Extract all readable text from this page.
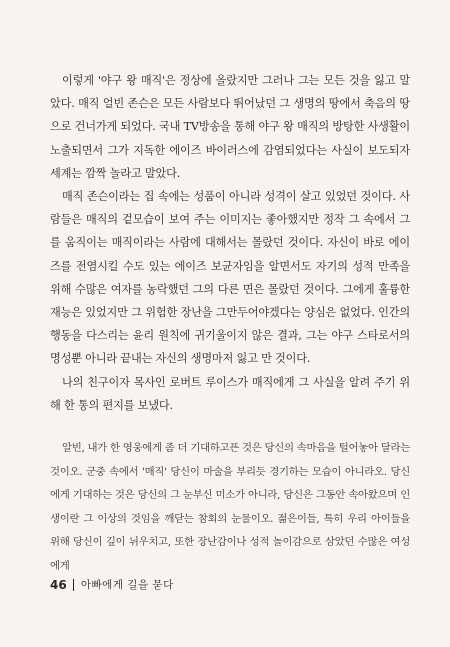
이렇게 '야구 왕 매직'은 정상에 올랐지만 그러나 그는 모든 것을 잃고 말았다. 매직 얼빈 존슨은 모든 사람보다 뛰어났던 그 생명의 땅에서 축음의 땅으로 건너가게 되었다. 국내 TV방송을 통해 야구 왕 매직의 방탕한 사생활이 노출되면서 그가 지독한 에이즈 바이러스에 감염되었다는 사실이 보도되자 세계는 깜짝 놀라고 말았다.

매직 존슨이라는 집 속에는 성품이 아니라 성격이 살고 있었던 것이다. 사람들은 매직의 겉모습이 보여 주는 이미지는 좋아했지만 정작 그 속에서 그를 움직이는 매직이라는 사람에 대해서는 몰랐던 것이다. 자신이 바로 에이즈를 전염시킬 수도 있는 에이즈 보균자임을 알면서도 자기의 성적 만족을 위해 수많은 여자를 농락했던 그의 다른 면은 몰랐던 것이다. 그에게 훌륭한 재능은 있었지만 그 위험한 장난을 그만두어야겠다는 양심은 없었다. 인간의 행동을 다스리는 윤리 원칙에 귀기울이지 않은 결과, 그는 야구 스타로서의 명성뿐 아니라 끝내는 자신의 생명마저 잃고 만 것이다.

나의 친구이자 목사인 로버트 루이스가 매직에게 그 사실을 알려 주기 위해 한 통의 편지를 보냈다.

알빈, 내가 한 영웅에게 좀 더 기대하고픈 것은 당신의 속마음을 털어놓아 달라는 것이오. 군중 속에서 '매직' 당신이 마술을 부리듯 경기하는 모습이 아니라오. 당신에게 기대하는 것은 당신의 그 눈부신 미소가 아니라, 당신은 그동안 속아왔으며 인생이란 그 이상의 것임을 깨닫는 참회의 눈물이오. 젊은이들, 특히 우리 아이들을 위해 당신이 깊이 뉘우치고, 또한 장난감이나 성적 놀이감으로 삼았던 수많은 여성에게

46 아빠에게 길을 묻다
